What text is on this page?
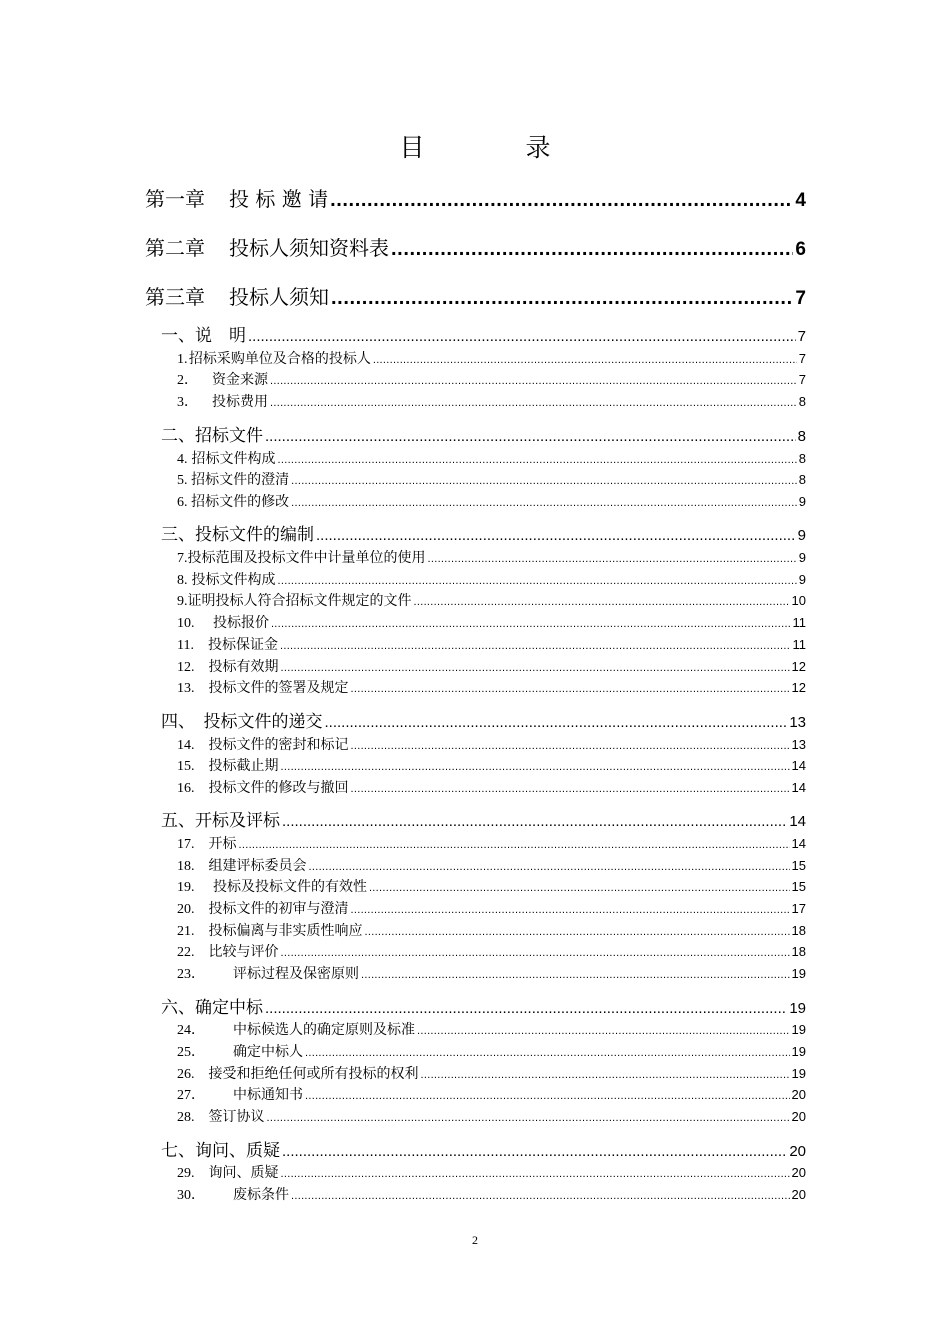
目　录
第一章 投 标 邀 请 .....	4
第二章 投标人须知资料表 .....	6
第三章 投标人须知 .....	7
一、说　明 .....	7
1. 招标采购单位及合格的投标人 .....	7
2． 　资金来源 .....	7
3． 　投标费用 .....	8
二、招标文件 .....	8
4. 招标文件构成 .....	8
5. 招标文件的澄清 .....	8
6. 招标文件的修改 .....	9
三、投标文件的编制 .....	9
7. 投标范围及投标文件中计量单位的使用 .....	9
8. 投标文件构成 .....	9
9. 证明投标人符合招标文件规定的文件 .....	10
10. 　 投标报价 .....	11
11. 　投标保证金 .....	11
12. 　投标有效期 .....	12
13. 　投标文件的签署及规定 .....	12
四、　投标文件的递交 .....	13
14. 　投标文件的密封和标记 .....	13
15. 　投标截止期 .....	14
16. 　投标文件的修改与撤回 .....	14
五、开标及评标 .....	14
17. 　开标 .....	14
18. 　组建评标委员会 .....	15
19. 　 投标及投标文件的有效性 .....	15
20. 　投标文件的初审与澄清 .....	17
21. 　投标偏离与非实质性响应 .....	18
22. 　比较与评价 .....	18
23． 　　评标过程及保密原则 .....	19
六、确定中标 .....	19
24． 　　中标候选人的确定原则及标准 .....	19
25． 　　确定中标人 .....	19
26. 　接受和拒绝任何或所有投标的权利 .....	19
27． 　　中标通知书 .....	20
28. 　签订协议 .....	20
七、询问、质疑 .....	20
29. 　询问、质疑 .....	20
30． 　　废标条件 .....	20
2
